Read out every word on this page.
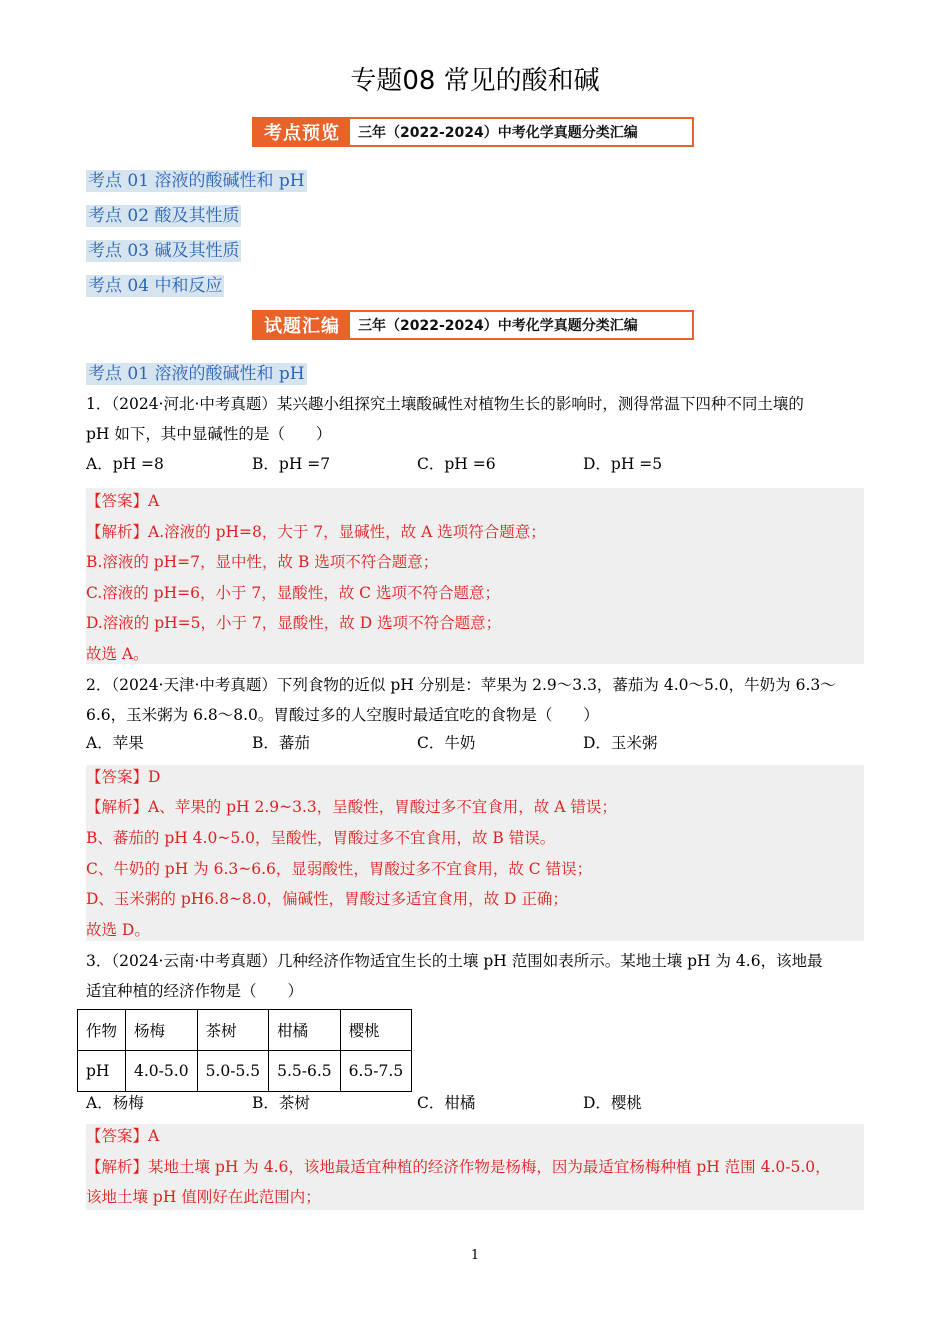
专题08 常见的酸和碱
考点预览	三年（2022-2024）中考化学真题分类汇编
考点 01 溶液的酸碱性和 pH
考点 02 酸及其性质
考点 03 碱及其性质
考点 04 中和反应
试题汇编	三年（2022-2024）中考化学真题分类汇编
考点 01 溶液的酸碱性和 pH
1．（2024·河北·中考真题）某兴趣小组探究土壤酸碱性对植物生长的影响时，测得常温下四种不同土壤的
pH 如下，其中显碱性的是（　　）
A．pH =8	B．pH =7	C．pH =6	D．pH =5
【答案】A
【解析】A.溶液的 pH=8，大于 7，显碱性，故 A 选项符合题意；
B.溶液的 pH=7，显中性，故 B 选项不符合题意；
C.溶液的 pH=6，小于 7，显酸性，故 C 选项不符合题意；
D.溶液的 pH=5，小于 7，显酸性，故 D 选项不符合题意；
故选 A。
2．（2024·天津·中考真题）下列食物的近似 pH 分别是：苹果为 2.9～3.3，蕃茄为 4.0～5.0，牛奶为 6.3～
6.6，玉米粥为 6.8～8.0。胃酸过多的人空腹时最适宜吃的食物是（　　）
A．苹果	B．蕃茄	C．牛奶	D．玉米粥
【答案】D
【解析】A、苹果的 pH 2.9~3.3，呈酸性，胃酸过多不宜食用，故 A 错误；
B、蕃茄的 pH 4.0~5.0，呈酸性，胃酸过多不宜食用，故 B 错误。
C、牛奶的 pH 为 6.3~6.6，显弱酸性，胃酸过多不宜食用，故 C 错误；
D、玉米粥的 pH6.8~8.0，偏碱性，胃酸过多适宜食用，故 D 正确；
故选 D。
3．（2024·云南·中考真题）几种经济作物适宜生长的土壤 pH 范围如表所示。某地土壤 pH 为 4.6，该地最
适宜种植的经济作物是（　　）
作物	杨梅	茶树	柑橘	樱桃
pH	4.0-5.0	5.0-5.5	5.5-6.5	6.5-7.5
A．杨梅	B．茶树	C．柑橘	D．樱桃
【答案】A
【解析】某地土壤 pH 为 4.6，该地最适宜种植的经济作物是杨梅，因为最适宜杨梅种植 pH 范围 4.0-5.0，
该地土壤 pH 值刚好在此范围内；
1
